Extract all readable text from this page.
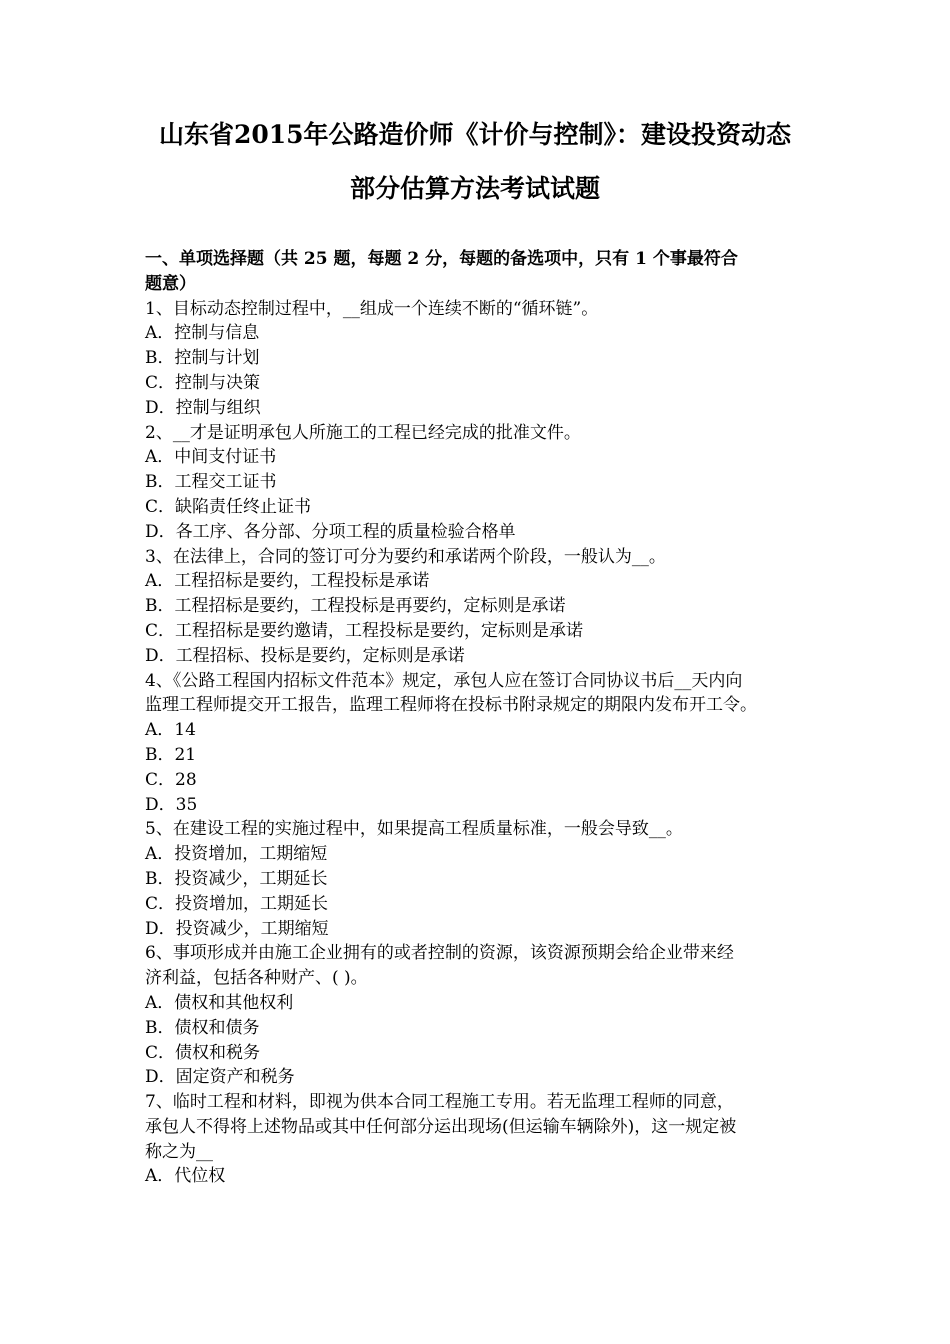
山东省2015年公路造价师《计价与控制》：建设投资动态
部分估算方法考试试题
一、单项选择题（共 25 题，每题 2 分，每题的备选项中，只有 1 个事最符合
题意）
1、目标动态控制过程中，__组成一个连续不断的“循环链”。
A．控制与信息
B．控制与计划
C．控制与决策
D．控制与组织
2、__才是证明承包人所施工的工程已经完成的批准文件。
A．中间支付证书
B．工程交工证书
C．缺陷责任终止证书
D．各工序、各分部、分项工程的质量检验合格单
3、在法律上，合同的签订可分为要约和承诺两个阶段，一般认为__。
A．工程招标是要约，工程投标是承诺
B．工程招标是要约，工程投标是再要约，定标则是承诺
C．工程招标是要约邀请，工程投标是要约，定标则是承诺
D．工程招标、投标是要约，定标则是承诺
4、《公路工程国内招标文件范本》规定，承包人应在签订合同协议书后__天内向
监理工程师提交开工报告，监理工程师将在投标书附录规定的期限内发布开工令。
A．14
B．21
C．28
D．35
5、在建设工程的实施过程中，如果提高工程质量标准，一般会导致__。
A．投资增加，工期缩短
B．投资减少，工期延长
C．投资增加，工期延长
D．投资减少，工期缩短
6、事项形成并由施工企业拥有的或者控制的资源，该资源预期会给企业带来经
济利益，包括各种财产、( )。
A．债权和其他权利
B．债权和债务
C．债权和税务
D．固定资产和税务
7、临时工程和材料，即视为供本合同工程施工专用。若无监理工程师的同意，
承包人不得将上述物品或其中任何部分运出现场(但运输车辆除外)，这一规定被
称之为__
A．代位权
